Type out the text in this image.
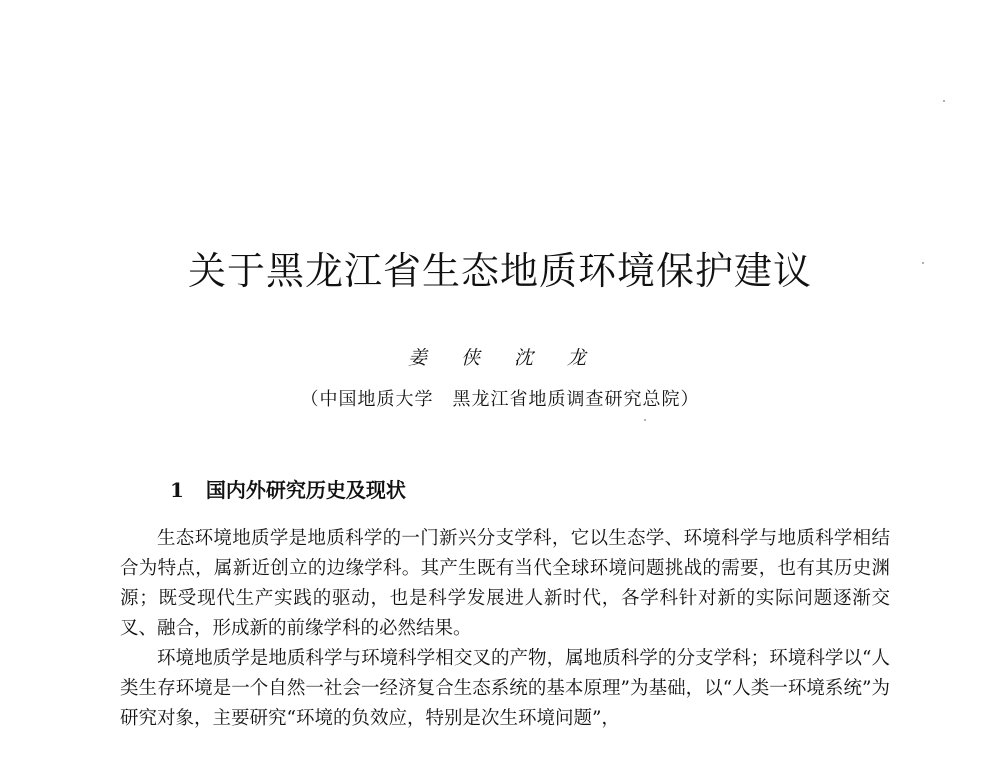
关于黑龙江省生态地质环境保护建议
姜 侠 沈 龙
（中国地质大学　黑龙江省地质调查研究总院）
1 国内外研究历史及现状

生态环境地质学是地质科学的一门新兴分支学科，它以生态学、环境科学与地质科学相结合为特点，属新近创立的边缘学科。其产生既有当代全球环境问题挑战的需要，也有其历史渊源；既受现代生产实践的驱动，也是科学发展进人新时代，各学科针对新的实际问题逐渐交叉、融合，形成新的前缘学科的必然结果。

环境地质学是地质科学与环境科学相交叉的产物，属地质科学的分支学科；环境科学以“人类生存环境是一个自然一社会一经济复合生态系统的基本原理”为基础，以“人类一环境系统”为研究对象，主要研究“环境的负效应，特别是次生环境问题”，
